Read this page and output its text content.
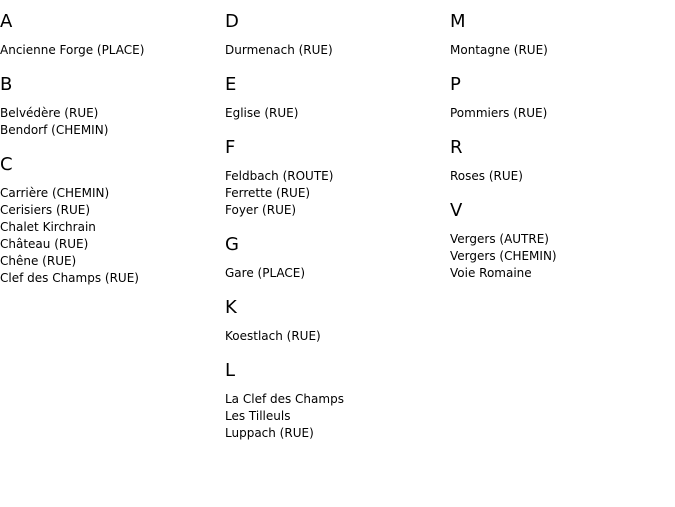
A
Ancienne Forge (PLACE)
B
Belvédère (RUE)
Bendorf (CHEMIN)
C
Carrière (CHEMIN)
Cerisiers (RUE)
Chalet Kirchrain
Château (RUE)
Chêne (RUE)
Clef des Champs (RUE)
D
Durmenach (RUE)
E
Eglise (RUE)
F
Feldbach (ROUTE)
Ferrette (RUE)
Foyer (RUE)
G
Gare (PLACE)
K
Koestlach (RUE)
L
La Clef des Champs
Les Tilleuls
Luppach (RUE)
M
Montagne (RUE)
P
Pommiers (RUE)
R
Roses (RUE)
V
Vergers (AUTRE)
Vergers (CHEMIN)
Voie Romaine
